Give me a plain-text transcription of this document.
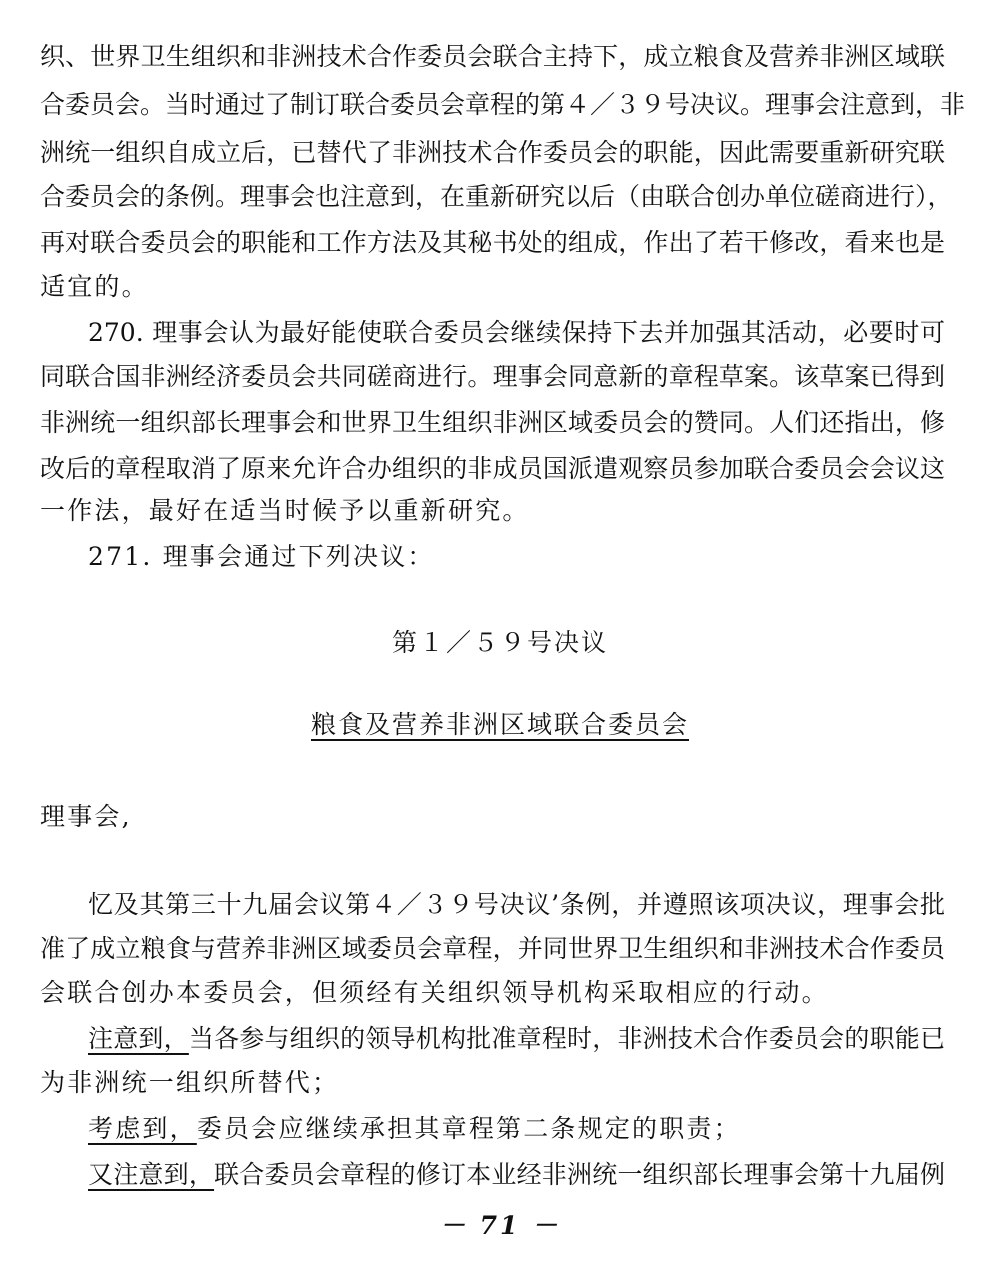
织、世界卫生组织和非洲技术合作委员会联合主持下，成立粮食及营养非洲区域联
合委员会。当时通过了制订联合委员会章程的第４／３９号决议。理事会注意到，非
洲统一组织自成立后，已替代了非洲技术合作委员会的职能，因此需要重新研究联
合委员会的条例。理事会也注意到，在重新研究以后（由联合创办单位磋商进行），
再对联合委员会的职能和工作方法及其秘书处的组成，作出了若干修改，看来也是
适宜的。
270. 理事会认为最好能使联合委员会继续保持下去并加强其活动，必要时可
同联合国非洲经济委员会共同磋商进行。理事会同意新的章程草案。该草案已得到
非洲统一组织部长理事会和世界卫生组织非洲区域委员会的赞同。人们还指出，修
改后的章程取消了原来允许合办组织的非成员国派遣观察员参加联合委员会会议这
一作法，最好在适当时候予以重新研究。
271. 理事会通过下列决议：
第１／５９号决议
粮食及营养非洲区域联合委员会
理事会,
忆及其第三十九届会议第４／３９号决议’条例，并遵照该项决议，理事会批
准了成立粮食与营养非洲区域委员会章程，并同世界卫生组织和非洲技术合作委员
会联合创办本委员会，但须经有关组织领导机构采取相应的行动。
注意到，当各参与组织的领导机构批准章程时，非洲技术合作委员会的职能已
为非洲统一组织所替代；
考虑到，委员会应继续承担其章程第二条规定的职责；
又注意到，联合委员会章程的修订本业经非洲统一组织部长理事会第十九届例
－ 71 －
